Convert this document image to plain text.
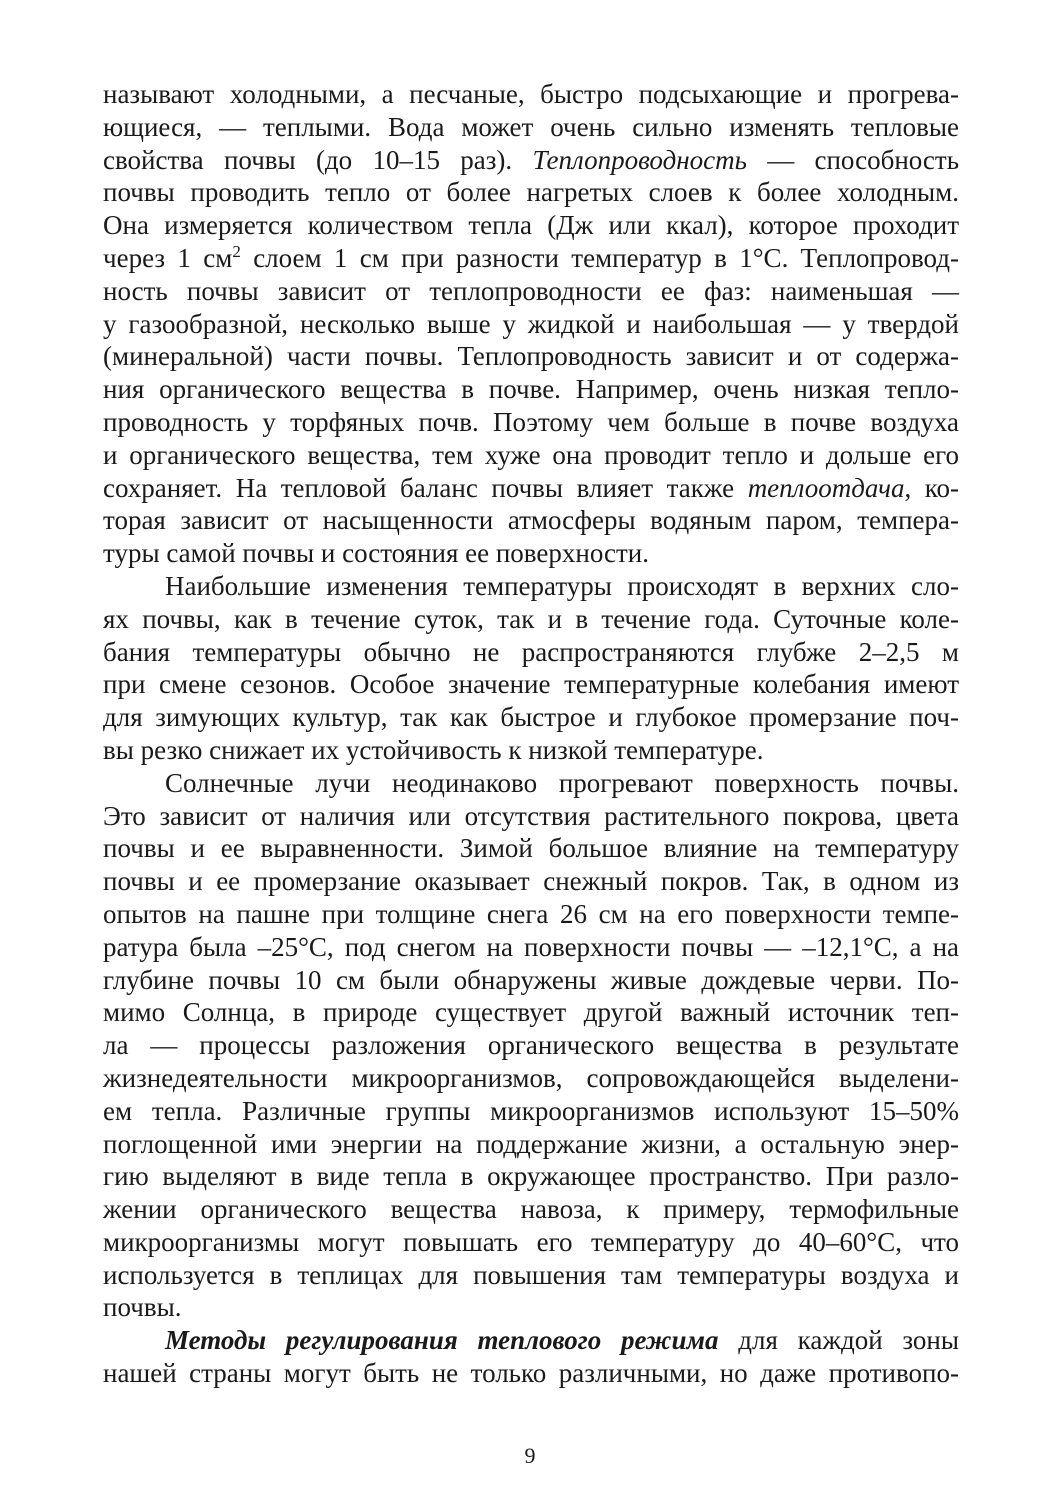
называют холодными, а песчаные, быстро подсыхающие и прогрева-
ющиеся, — теплыми. Вода может очень сильно изменять тепловые
свойства почвы (до 10–15 раз). Теплопроводность — способность
почвы проводить тепло от более нагретых слоев к более холодным.
Она измеряется количеством тепла (Дж или ккал), которое проходит
через 1 $см^2$ слоем 1 см при разности температур в 1°С. Теплопровод-
ность почвы зависит от теплопроводности ее фаз: наименьшая —
у газообразной, несколько выше у жидкой и наибольшая — у твердой
(минеральной) части почвы. Теплопроводность зависит и от содержа-
ния органического вещества в почве. Например, очень низкая тепло-
проводность у торфяных почв. Поэтому чем больше в почве воздуха
и органического вещества, тем хуже она проводит тепло и дольше его
сохраняет. На тепловой баланс почвы влияет также теплоотдача, ко-
торая зависит от насыщенности атмосферы водяным паром, темпера-
туры самой почвы и состояния ее поверхности.

Наибольшие изменения температуры происходят в верхних сло-
ях почвы, как в течение суток, так и в течение года. Суточные коле-
бания температуры обычно не распространяются глубже 2–2,5 м
при смене сезонов. Особое значение температурные колебания имеют
для зимующих культур, так как быстрое и глубокое промерзание поч-
вы резко снижает их устойчивость к низкой температуре.

Солнечные лучи неодинаково прогревают поверхность почвы.
Это зависит от наличия или отсутствия растительного покрова, цвета
почвы и ее выравненности. Зимой большое влияние на температуру
почвы и ее промерзание оказывает снежный покров. Так, в одном из
опытов на пашне при толщине снега 26 см на его поверхности темпе-
ратура была –25°С, под снегом на поверхности почвы — –12,1°С, а на
глубине почвы 10 см были обнаружены живые дождевые черви. По-
мимо Солнца, в природе существует другой важный источник теп-
ла — процессы разложения органического вещества в результате
жизнедеятельности микроорганизмов, сопровождающейся выделени-
ем тепла. Различные группы микроорганизмов используют 15–50%
поглощенной ими энергии на поддержание жизни, а остальную энер-
гию выделяют в виде тепла в окружающее пространство. При разло-
жении органического вещества навоза, к примеру, термофильные
микроорганизмы могут повышать его температуру до 40–60°С, что
используется в теплицах для повышения там температуры воздуха и
почвы.

Методы регулирования теплового режима для каждой зоны
нашей страны могут быть не только различными, но даже противопо-

9
